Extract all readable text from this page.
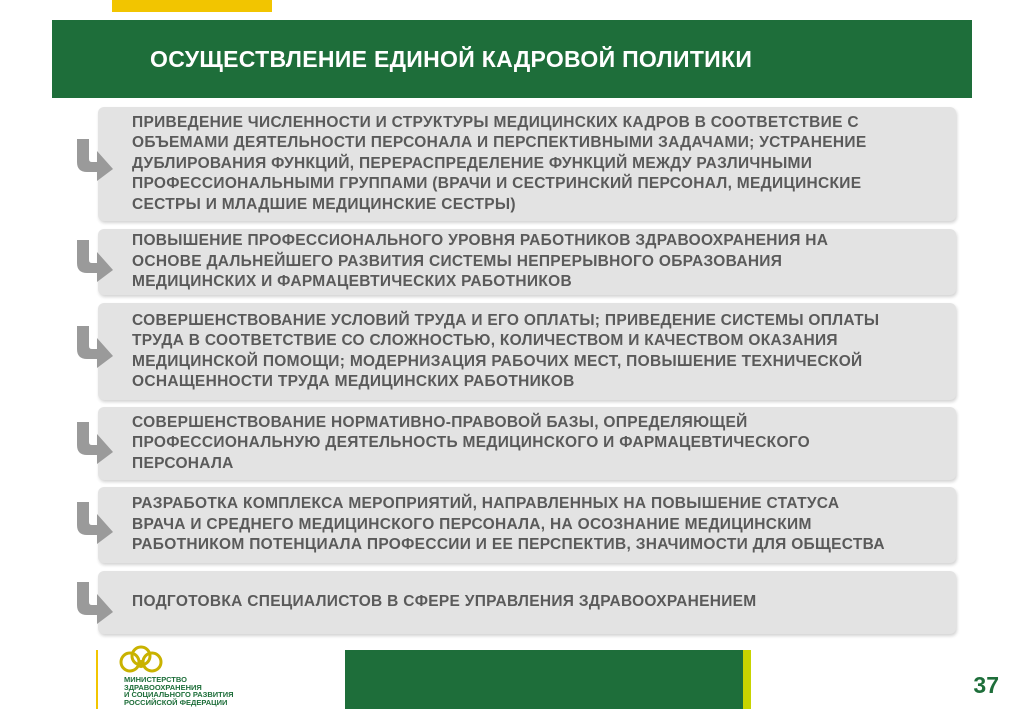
ОСУЩЕСТВЛЕНИЕ ЕДИНОЙ КАДРОВОЙ ПОЛИТИКИ
ПРИВЕДЕНИЕ ЧИСЛЕННОСТИ И СТРУКТУРЫ МЕДИЦИНСКИХ КАДРОВ В СООТВЕТСТВИЕ С
ОБЪЕМАМИ ДЕЯТЕЛЬНОСТИ ПЕРСОНАЛА И ПЕРСПЕКТИВНЫМИ ЗАДАЧАМИ; УСТРАНЕНИЕ
ДУБЛИРОВАНИЯ ФУНКЦИЙ, ПЕРЕРАСПРЕДЕЛЕНИЕ ФУНКЦИЙ МЕЖДУ РАЗЛИЧНЫМИ
ПРОФЕССИОНАЛЬНЫМИ ГРУППАМИ (ВРАЧИ И СЕСТРИНСКИЙ ПЕРСОНАЛ, МЕДИЦИНСКИЕ
СЕСТРЫ И МЛАДШИЕ МЕДИЦИНСКИЕ СЕСТРЫ)
ПОВЫШЕНИЕ ПРОФЕССИОНАЛЬНОГО УРОВНЯ РАБОТНИКОВ ЗДРАВООХРАНЕНИЯ НА
ОСНОВЕ ДАЛЬНЕЙШЕГО РАЗВИТИЯ СИСТЕМЫ НЕПРЕРЫВНОГО ОБРАЗОВАНИЯ
МЕДИЦИНСКИХ И ФАРМАЦЕВТИЧЕСКИХ РАБОТНИКОВ
СОВЕРШЕНСТВОВАНИЕ УСЛОВИЙ ТРУДА И ЕГО ОПЛАТЫ; ПРИВЕДЕНИЕ СИСТЕМЫ ОПЛАТЫ
ТРУДА В СООТВЕТСТВИЕ СО СЛОЖНОСТЬЮ, КОЛИЧЕСТВОМ И КАЧЕСТВОМ ОКАЗАНИЯ
МЕДИЦИНСКОЙ ПОМОЩИ; МОДЕРНИЗАЦИЯ РАБОЧИХ МЕСТ, ПОВЫШЕНИЕ ТЕХНИЧЕСКОЙ
ОСНАЩЕННОСТИ ТРУДА МЕДИЦИНСКИХ РАБОТНИКОВ
СОВЕРШЕНСТВОВАНИЕ НОРМАТИВНО-ПРАВОВОЙ БАЗЫ, ОПРЕДЕЛЯЮЩЕЙ
ПРОФЕССИОНАЛЬНУЮ ДЕЯТЕЛЬНОСТЬ МЕДИЦИНСКОГО И ФАРМАЦЕВТИЧЕСКОГО
ПЕРСОНАЛА
РАЗРАБОТКА КОМПЛЕКСА МЕРОПРИЯТИЙ, НАПРАВЛЕННЫХ НА ПОВЫШЕНИЕ СТАТУСА
ВРАЧА И СРЕДНЕГО МЕДИЦИНСКОГО ПЕРСОНАЛА, НА ОСОЗНАНИЕ МЕДИЦИНСКИМ
РАБОТНИКОМ ПОТЕНЦИАЛА ПРОФЕССИИ И ЕЕ ПЕРСПЕКТИВ, ЗНАЧИМОСТИ ДЛЯ ОБЩЕСТВА
ПОДГОТОВКА СПЕЦИАЛИСТОВ В СФЕРЕ УПРАВЛЕНИЯ ЗДРАВООХРАНЕНИЕМ
МИНИСТЕРСТВО
ЗДРАВООХРАНЕНИЯ
И СОЦИАЛЬНОГО РАЗВИТИЯ
РОССИЙСКОЙ ФЕДЕРАЦИИ
37
